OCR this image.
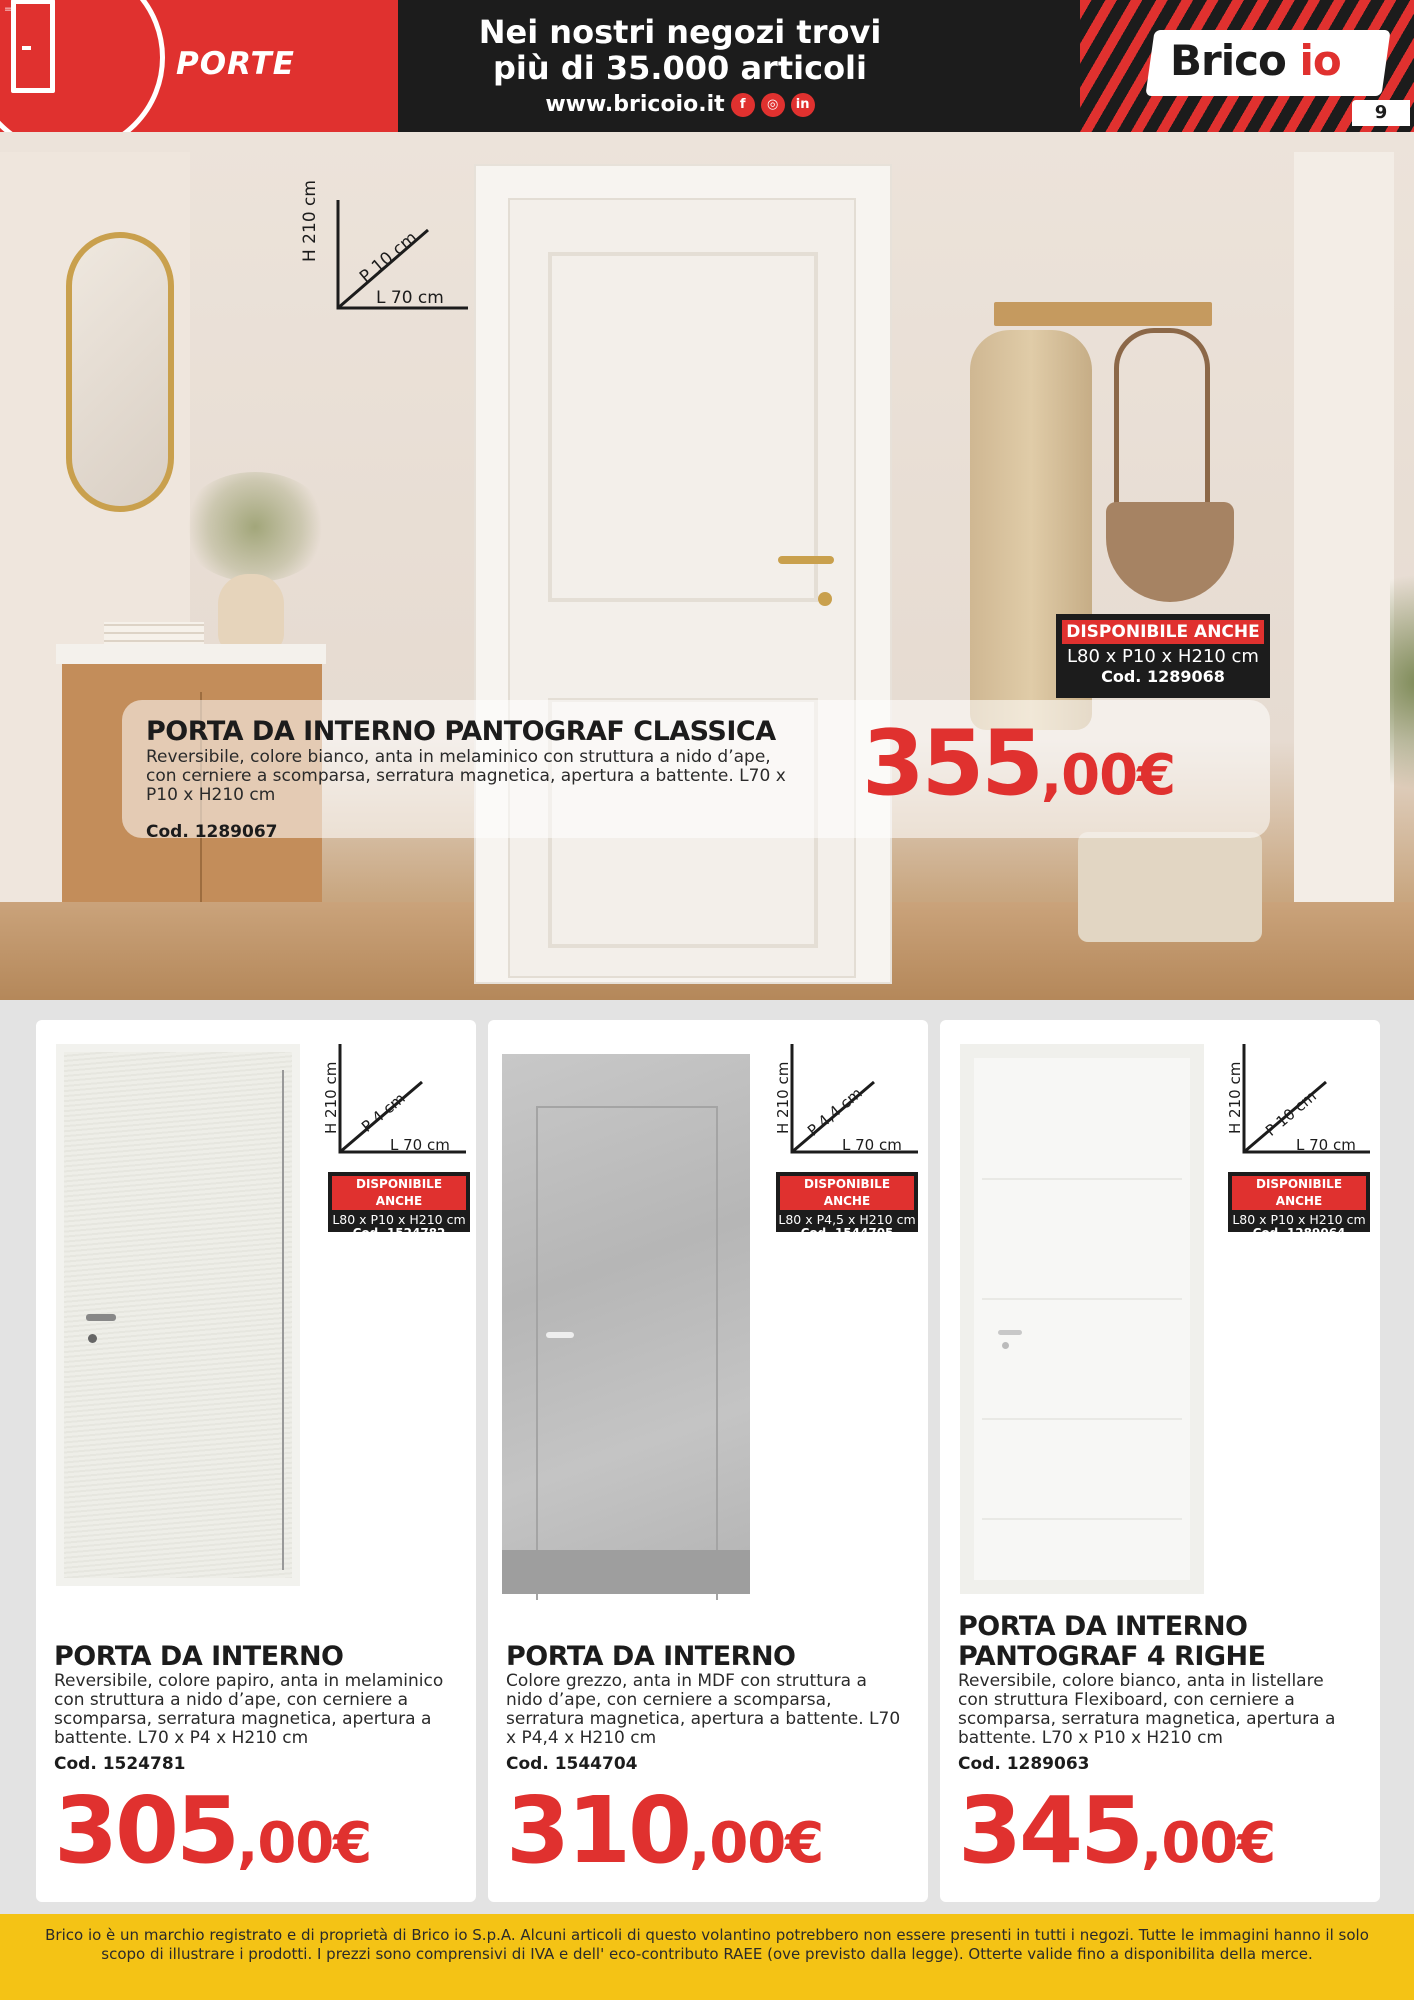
=
PORTE
Nei nostri negozi trovi
più di 35.000 articoli
www.bricoio.it	f	◎	in
Brico io
9
H 210 cm P 10 cm
L 70 cm
DISPONIBILE ANCHE
L80 x P10 x H210 cm
Cod. 1289068
PORTA DA INTERNO PANTOGRAF CLASSICA
Reversibile, colore bianco, anta in melaminico con struttura a nido d’ape, con cerniere a scomparsa, serratura magnetica, apertura a battente. L70 x P10 x H210 cm
Cod. 1289067
355,00€
H 210 cm P 4 cm
L 70 cm
DISPONIBILE ANCHE
L80 x P10 x H210 cm
Cod. 1524782
PORTA DA INTERNO
Reversibile, colore papiro, anta in melaminico con struttura a nido d’ape, con cerniere a scomparsa, serratura magnetica, apertura a battente. L70 x P4 x H210 cm
Cod. 1524781
305,00€
H 210 cm P 4,4 cm
L 70 cm
DISPONIBILE ANCHE
L80 x P4,5 x H210 cm
Cod. 1544705
PORTA DA INTERNO
Colore grezzo, anta in MDF con struttura a nido d’ape, con cerniere a scomparsa, serratura magnetica, apertura a battente. L70 x P4,4 x H210 cm
Cod. 1544704
310,00€
H 210 cm P 10 cm
L 70 cm
DISPONIBILE ANCHE
L80 x P10 x H210 cm
Cod. 1289064
PORTA DA INTERNO PANTOGRAF 4 RIGHE
Reversibile, colore bianco, anta in listellare con struttura Flexiboard, con cerniere a scomparsa, serratura magnetica, apertura a battente. L70 x P10 x H210 cm
Cod. 1289063
345,00€
Brico io è un marchio registrato e di proprietà di Brico io S.p.A. Alcuni articoli di questo volantino potrebbero non essere presenti in tutti i negozi. Tutte le immagini hanno il solo scopo di illustrare i prodotti. I prezzi sono comprensivi di IVA e dell' eco-contributo RAEE (ove previsto dalla legge). Otterte valide fino a disponibilita della merce.
